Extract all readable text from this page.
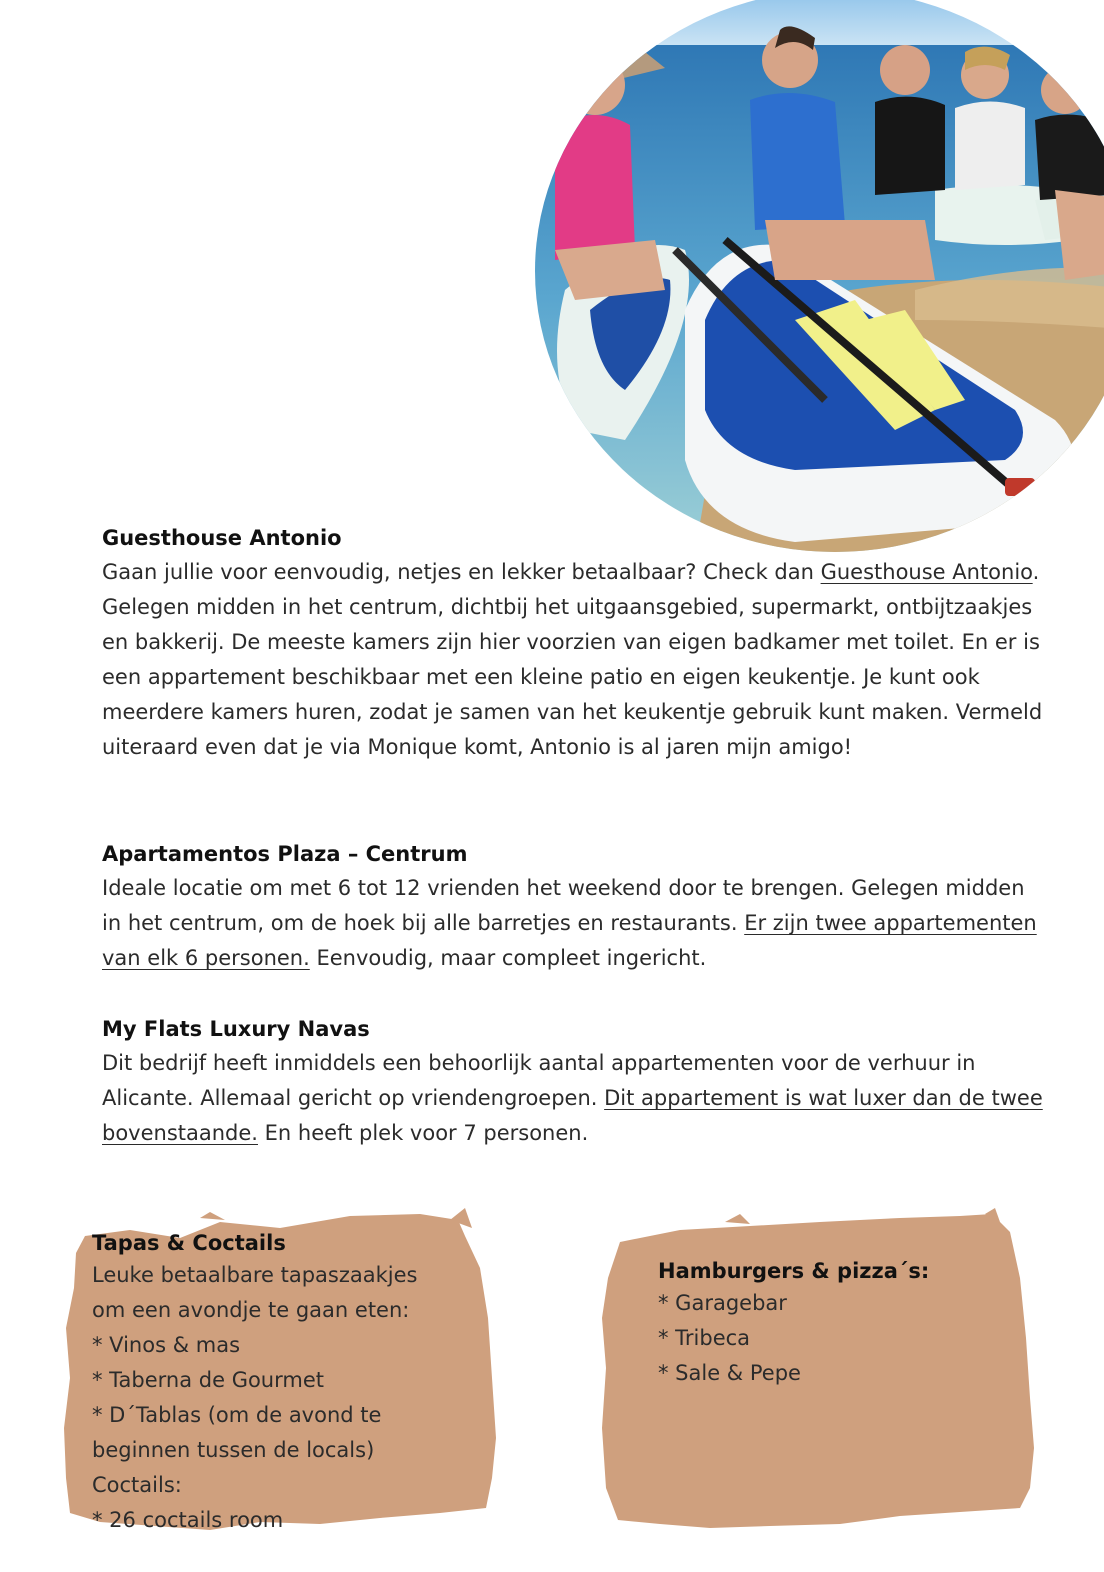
Guesthouse Antonio

Gaan jullie voor eenvoudig, netjes en lekker betaalbaar? Check dan Guesthouse Antonio. Gelegen midden in het centrum, dichtbij het uitgaansgebied, supermarkt, ontbijtzaakjes en bakkerij. De meeste kamers zijn hier voorzien van eigen badkamer met toilet. En er is een appartement beschikbaar met een kleine patio en eigen keukentje. Je kunt ook meerdere kamers huren, zodat je samen van het keukentje gebruik kunt maken. Vermeld uiteraard even dat je via Monique komt, Antonio is al jaren mijn amigo!

Apartamentos Plaza – Centrum

Ideale locatie om met 6 tot 12 vrienden het weekend door te brengen. Gelegen midden in het centrum, om de hoek bij alle barretjes en restaurants. Er zijn twee appartementen van elk 6 personen. Eenvoudig, maar compleet ingericht.

My Flats Luxury Navas

Dit bedrijf heeft inmiddels een behoorlijk aantal appartementen voor de verhuur in Alicante. Allemaal gericht op vriendengroepen. Dit appartement is wat luxer dan de twee bovenstaande. En heeft plek voor 7 personen.

Tapas & Coctails

Leuke betaalbare tapaszaakjes

om een avondje te gaan eten:

* Vinos & mas

* Taberna de Gourmet

* D´Tablas (om de avond te

beginnen tussen de locals)

Coctails:

* 26 coctails room

Hamburgers & pizza´s:

* Garagebar

* Tribeca

* Sale & Pepe
